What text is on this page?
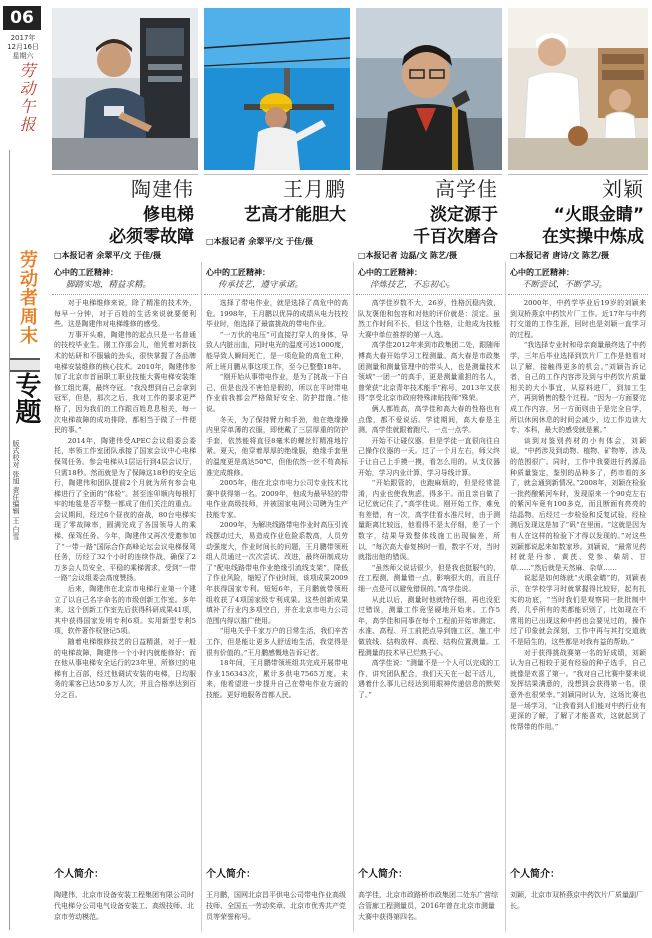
06
2017年
12月16日
星期六
劳动午报
劳动者周末
专题
版式校对 张旭 责任编辑 王 白雪
陶建伟
修电梯
必须零故障
□本报记者 余翠平/文 于佳/摄
心中的工匠精神：
脚踏实地，精益求精。

对于电梯维修来说，除了精准的技术外，每早一分钟，对于百姓的生活来说就要便利些。这是陶建伟对电梯维修的感受。

万事开头难，陶建伟的起点只是一名普通的技校毕业生。刚工作那会儿，他凭着对新技术的钻研和不服输的劲头，很快掌握了各品牌电梯安装维修的核心技术。2010年，陶建伟参加了北京市首届职工职业技能大赛电梯安装维修工组比赛，最终夺冠。“我没想到自己会拿到冠军，但是，那次之后，我对工作的要求更严格了，因为我们的工作跟百姓息息相关，每一次电梯故障的成功排除，都相当于做了一件便民的事。”

2014年，陶建伟受APEC会议组委会委托，率领工作室团队承接了国家会议中心电梯保驾任务。参会电梯从1层运行到4层会议厅，只需18秒。然而就是为了保障这18秒的安全运行，陶建伟和团队提前2个月就为所有参会电梯进行了全面的“体检”。甚至连卯顺内每根钉牢的地毯是否平整一都成了他们关注的重点。会议期间，经过6个昼夜的奋战，80台电梯实现了零故障率，圆满完成了各国领导人的乘梯、保驾任务。今年，陶建伟又再次受邀参加了“一带一路”国际合作高峰论坛会议电梯保驾任务，历经了32个小时的连续作战，确保了2万多会人员安全、平稳的乘梯需求，受到“一带一路”会议组委会高度赞扬。

后来，陶建伟在北京市电梯行业第一个建立了以自己名字命名的市级创新工作室。多年来，这个创新工作室先后获得科研成果41项，其中获得国家发明专利6项。实用新型专利5项，软件著作权登记5项。

随着电梯维修技艺的日益精湛，对于一般的电梯故障，陶建伟一个小时内就能修好；而在他从事电梯安全运行的23年里，所修过的电梯有上百部，经过他调试安装的电梯，日均服务的乘客已达50多万人次，并且合格率达到百分之百。

个人简介：
陶建伟，北京市设备安装工程集团有限公司时代电梯分公司电气设备安装工、高级技师、北京市劳动模范。
王月鹏
艺高才能胆大
□本报记者 余翠平/文 于佳/摄
心中的工匠精神：
传承技艺，遵守承诺。

选择了带电作业，就是选择了高危中的高危。1998年，王月鹏以优异的成绩从电力技校毕业时，他选择了最富挑战的带电作业。

“一万伏的电压”可直接打穿人的身体，导致人内脏出血，同时电光的温度可达1000度，能导致人瞬间死亡，是一项危险的高危工种，所上班月鹏从事这项工作，至今已整整18年。

“刚开始从事带电作业，是为了挑战一下自己，但是也没不害怕是假的，所以在平时带电作业前我都会严格做好安全、防护措施。”他说。

冬天，为了保持臂力和手劲，他在绝缘操内里穿单薄的衣服，即使戴了三层厚重的防护手套，依然能将直径8毫米的螺丝钉精准地拧紧。夏天，他穿着厚厚的绝缘服，绝缘手套里的温度更是高达50℃，但他依然一丝不苟高标准完成维修。

2005年，他在北京市电力公司专业技术比赛中获得第一名。2009年，他成为最早轻的带电作业高级技师，并被国家电网公司聘为生产技能专家。

2009年，为解决线路带电作业时高压引流线摆动过大，易造成作业危险系数高，人员劳动强度大，作业时间长的问题，王月鹏带领班组人员通过一次次尝试、改进，最终研制成功了“配电线路带电作业绝缘引流线支架”，降低了作业风险，缩短了作业时间，该项成果2009年获得国家专利。短短6年，王月鹏就带领班组收获了4项国家级专利成果。这些创新成果填补了行业内多项空白，并在北京市电力公司范围内得以推广使用。

“用电关乎千家万户的日常生活，我们辛苦工作，但是能让更多人舒适地生活，我觉得是很有价值的。”王月鹏感慨地告诉记者。

18年间，王月鹏带领班组共完成开展带电作业156343次，累计多供电7565万度。未来，他希望进一步提升自己在带电作业方面的技能。更好地服务首都人民。

个人简介：
王月鹏，国网北京昌平供电公司带电作业高级技师、全国五一劳动奖章、北京市优秀共产党员等荣誉称号。
高学佳
淡定源于
千百次磨合
□本报记者 边磊/文 陈艺/摄
心中的工匠精神：
淬炼技艺，不忘初心。

高学佳岁数不大，26岁，性格沉稳内敛，队友褒他和包容和对他的评价就是：淡定。虽然工作时间不长，但这个性格，让他成为技能大赛中单位推荐的第一人选。

高学佳2012年来到市政集团二处，跟随师傅高大春开始学习工程测量。高大春是市政集团测量和测量管理中的带头人，也是测量技术领域“一团一”的高手，更是测量重担的名人，曾荣获“北京青年技术能手”称号，2013年又获得“享受北京市政府特殊津贴技师”殊荣。

俩人都姓高，高学佳和高大春的性格也有点像，都不爱说话。学徒期间，高大春是主测，高学佳就跟着跑尺、一点一点学。

开始不让碰仪器，但是学徒一直很向往自己操作仪器的一天。过了一个月左右，师父终于让自己上手摸一摸，看怎么用的。从支仪器开始，学习内业计算，学习导线计算。

“开始跟管的，也跑麻烦的，但是经常混淆，内业也使我焦虑，得多干。而且亲自做了记忆就记住了。”高学佳说。刚开始工作，难免有差错，有一次，高学佳看水准尺时，由于测量距离比较远，他看得不是太仔细，差了一个数字，结果导致整体线施工出现偏差，所以，“每次高大春复核时一看，数字不对，当时就指出他的错误。

“虽然师父说话很少，但是我也挺服气的，在工程测，测量错一点，影响很大的，而且仔细一点是可以避免错误的。”高学佳说。

从此以后，测量时他就特仔细，再也没犯过错误，测量工作竟坚硬地开始来。工作5年，高学佳和同事在每个工程前开始审测定、水准、高程、开工前把点导到施工区，施工中做放线、结构放样、高程、结构位置测量。工程测量的技术早已烂熟于心。

高学佳说：“测量不是一个人可以完成的工作，讲究团队配合，我们天天在一起干活儿，遇着什么事儿已经达到用眼神传递信息的默契了。”

个人简介：
高学佳，北京市政路桥市政集团二处东广营综合管廊工程测量员，2016年曾在北京市测量大赛中获得第四名。
刘颖
“火眼金睛”
在实操中炼成
□本报记者 唐诗/文 陈艺/摄
心中的工匠精神：
不断尝试，不断学习。

2000年，中药学毕业后19岁的刘颖来到双桥燕京中药饮片厂工作。近17年与中药打交道的工作生涯，回时也是刘颖一直学习的过程。

“我选择专业时和母亲商量最终选了中药学，三年后毕业选择到饮片厂工作是他看对以了解，接触得更多的机会。”刘颖告诉记者，自己的工作内容涉及到与中药饮片质量相关的大小事宜，从原料进厂，到加工生产，再到销售的整个过程。“因为一方面要完成工作内容，另一方面则由于是完全自学，所以休闲休息的时间会减少，边工作边读大专、本科，最大的感受就是累。”

谈到对鉴别药材的小有体会，刘颖说，“中药涉及到动物、植物、矿物等，涉及的范围很广。同时，工作中我要进行药源品种质量鉴定，鉴别的品种多了，药市看的多了，就会通到新情况。”2008年，刘颖在检验一批药酿紫河车时，发现原来一个90克左右的紫河车竟有100多克，而且断面有亮亮的结晶物。后经过一步检验和反复试验，经检测后发现这是加了“矾”在里面。“这就是因为有人在这样的检验下才得以发现的。”对这些刘颖都说起来如数家珍。刘颖说，“最常见药材就是丹参、黄芪、党参、柴胡、甘草……”然后就是天然麻、杂草……

说起是如何练就“火眼金睛”的，刘颖表示，在学校学习时就掌握得比较好，起有扎实的功底，“当时我们是观察同一批批制中药，几乎所有的类都能识别了，比如现在不常用的已出现这种中药也会要见过的，操作过了印象就会深刻，工作中再与其打交道就不是陌生的，这些都是对我有益的帮助。”

对于获得挑战赛第一名的好成绩，刘颖认为自己相较于更有经验的种子选手，自己就像是欢喜了第一。“我对自己比赛中要来说发挥结果满意的，没想到会获得第一名，很意外也很荣幸。”刘颖同时认为，这场比赛也是一场学习，“让我看到人们能对中药行业有更深的了解，了解了才能喜欢，这就起到了传帮带的作用。”

个人简介：
刘颖，北京市双桥燕京中药饮片厂质量副厂长。
